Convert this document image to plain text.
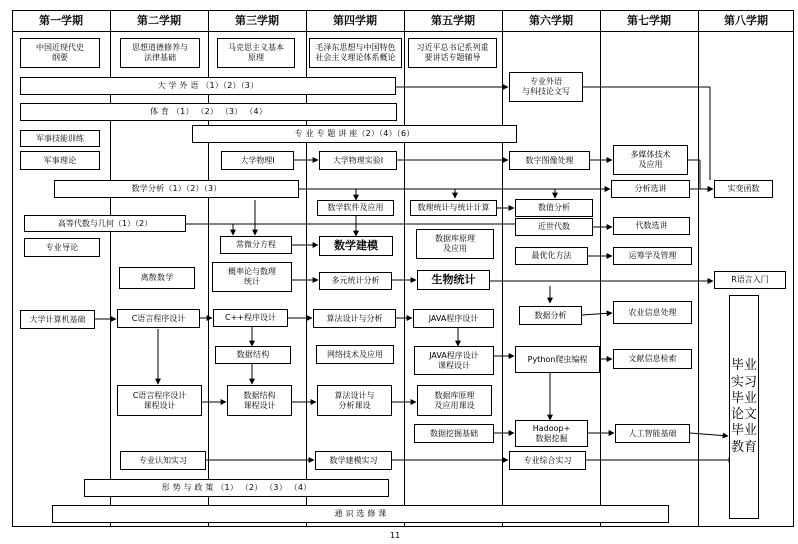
第一学期	第二学期	第三学期	第四学期	第五学期	第六学期	第七学期	第八学期
中国近现代史
纲要
思想道德修养与
法律基础
马克思主义基本
原理
毛泽东思想与中国特色
社会主义理论体系概论
习近平总书记系列重
要讲话专题辅导
大 学 外 语 （1）（2）（3）	专业外语
与科技论文写
体 育 （1） （2） （3） （4）
军事技能训练	专 业 专 题 讲 座（2）（4）（6）
军事理论	大学物理Ⅰ	大学物理实验Ⅰ	数字图像处理
多媒体技术
及应用
数学分析（1）（2）（3）	分析选讲	实变函数
高等代数与几何（1）（2）
数学软件及应用	数理统计与统计计算	数值分析
近世代数	代数选讲
专业导论	常微分方程	数学建模
数据库原理
及应用
最优化方法	运筹学及管理
离散数学
概率论与数理
统计	多元统计分析	生物统计	R语言入门
大学计算机基础	C语言程序设计	C++程序设计	算法设计与分析	JAVA程序设计	数据分析	农业信息处理
毕业实习 毕业论文 毕业教育
数据结构	网络技术及应用	JAVA程序设计
课程设计
Python爬虫编程	文献信息检索
C语言程序设计
课程设计
数据结构
课程设计
算法设计与
分析课设
数据库原理
及应用课设
数据挖掘基础
Hadoop+
数据挖掘
人工智能基础
专业认知实习	数学建模实习	专业综合实习
形 势 与 政 策 （1） （2） （3） （4）
通 识 选 修 课
11
